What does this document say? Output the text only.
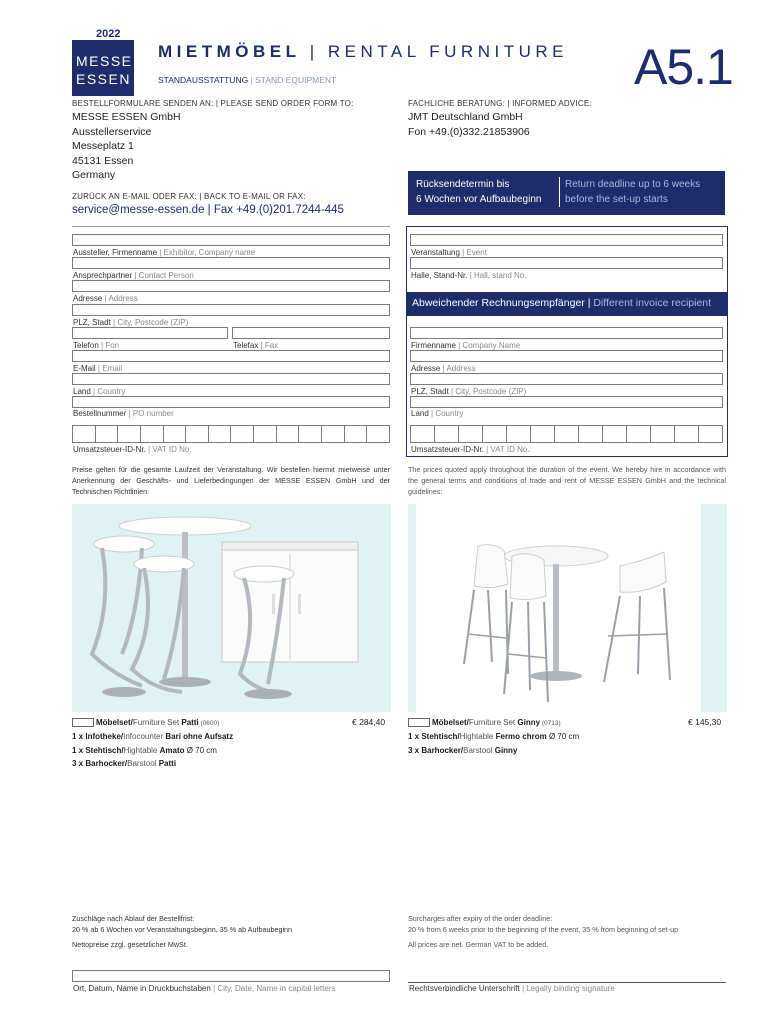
2022
MESSE
ESSEN
MIETMÖBEL | RENTAL FURNITURE
STANDAUSSTATTUNG | STAND EQUIPMENT	A5.1
BESTELLFORMULARE SENDEN AN: | PLEASE SEND ORDER FORM TO:
MESSE ESSEN GmbH
Ausstellerservice
Messeplatz 1
45131 Essen
Germany
FACHLICHE BERATUNG: | INFORMED ADVICE:
JMT Deutschland GmbH
Fon +49.(0)332.21853906
Rücksendetermin bis
6 Wochen vor Aufbaubeginn
Return deadline up to 6 weeks
before the set-up starts
ZURÜCK AN E-MAIL ODER FAX: | BACK TO E-MAIL OR FAX:
service@messe-essen.de | Fax +49.(0)201.7244-445
Aussteller, Firmenname | Exhibitor, Company name
Ansprechpartner | Contact Person
Adresse | Address
PLZ, Stadt | City, Postcode (ZIP)
Telefon | Fon	Telefax | Fax
E-Mail | Email
Land | Country
Bestellnummer | PO number
Umsatzsteuer-ID-Nr. | VAT ID No.
Veranstaltung | Event
Halle, Stand-Nr. | Hall, stand No.
Abweichender Rechnungsempfänger | Different invoice recipient
Firmenname | Company Name
Adresse | Address
PLZ, Stadt | City, Postcode (ZIP)
Land | Country
Umsatzsteuer-ID-Nr. | VAT ID No.
Preise gelten für die gesamte Laufzeit der Veranstaltung. Wir bestellen hiermit mietweise unter Anerkennung der Geschäfts- und Lieferbedingungen der MESSE ESSEN GmbH und der Technischen Richtlinien:
The prices quoted apply throughout the duration of the event. We hereby hire in accordance with the general terms and conditions of trade and rent of MESSE ESSEN GmbH and the technical guidelines:
Möbelset/Furniture Set Patti (0600)	€ 284,40
1 x Infotheke/Infocounter Bari ohne Aufsatz
1 x Stehtisch/Hightable Amato Ø 70 cm
3 x Barhocker/Barstool Patti
Möbelset/Furniture Set Ginny (0713)	€ 145,30
1 x Stehtisch/Hightable Fermo chrom Ø 70 cm
3 x Barhocker/Barstool Ginny
Zuschläge nach Ablauf der Bestellfrist:
20 % ab 6 Wochen vor Veranstaltungsbeginn, 35 % ab Aufbaubeginn
Nettopreise zzgl. gesetzlicher MwSt.
Surcharges after expiry of the order deadline:
20 % from 6 weeks prior to the beginning of the event, 35 % from beginning of set-up
All prices are net. German VAT to be added.
Ort, Datum, Name in Druckbuchstaben | City, Date, Name in capital letters	Rechtsverbindliche Unterschrift | Legally binding signature
